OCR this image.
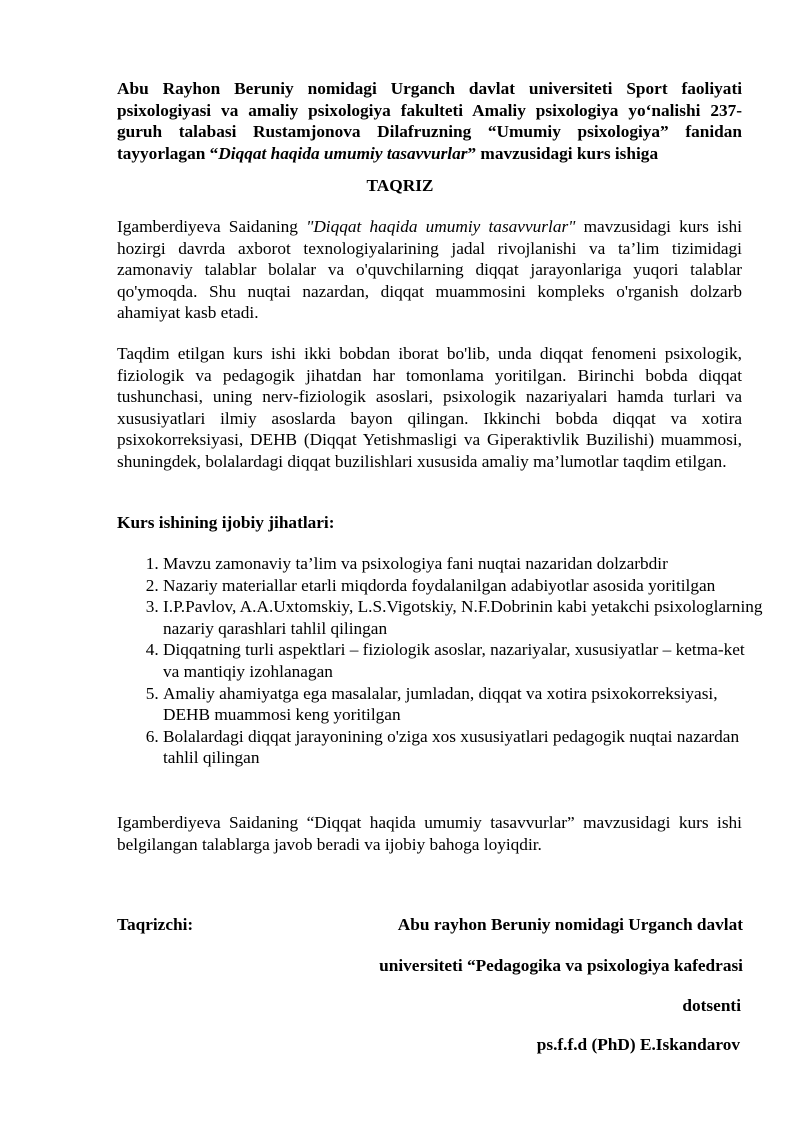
Abu Rayhon Beruniy nomidagi Urganch davlat universiteti Sport faoliyati psixologiyasi va amaliy psixologiya fakulteti Amaliy psixologiya yo‘nalishi 237-guruh talabasi Rustamjonova Dilafruzning “Umumiy psixologiya” fanidan tayyorlagan “Diqqat haqida umumiy tasavvurlar” mavzusidagi kurs ishiga
TAQRIZ
Igamberdiyeva Saidaning "Diqqat haqida umumiy tasavvurlar" mavzusidagi kurs ishi hozirgi davrda axborot texnologiyalarining jadal rivojlanishi va ta’lim tizimidagi zamonaviy talablar bolalar va o'quvchilarning diqqat jarayonlariga yuqori talablar qo'ymoqda. Shu nuqtai nazardan, diqqat muammosini kompleks o'rganish dolzarb ahamiyat kasb etadi.
Taqdim etilgan kurs ishi ikki bobdan iborat bo'lib, unda diqqat fenomeni psixologik, fiziologik va pedagogik jihatdan har tomonlama yoritilgan. Birinchi bobda diqqat tushunchasi, uning nerv-fiziologik asoslari, psixologik nazariyalari hamda turlari va xususiyatlari ilmiy asoslarda bayon qilingan. Ikkinchi bobda diqqat va xotira psixokorreksiyasi, DEHB (Diqqat Yetishmasligi va Giperaktivlik Buzilishi) muammosi, shuningdek, bolalardagi diqqat buzilishlari xususida amaliy ma’lumotlar taqdim etilgan.
Kurs ishining ijobiy jihatlari:
1. Mavzu zamonaviy ta’lim va psixologiya fani nuqtai nazaridan dolzarbdir
2. Nazariy materiallar etarli miqdorda foydalanilgan adabiyotlar asosida yoritilgan
3. I.P.Pavlov, A.A.Uxtomskiy, L.S.Vigotskiy, N.F.Dobrinin kabi yetakchi psixologlarning nazariy qarashlari tahlil qilingan
4. Diqqatning turli aspektlari – fiziologik asoslar, nazariyalar, xususiyatlar – ketma-ket va mantiqiy izohlanagan
5. Amaliy ahamiyatga ega masalalar, jumladan, diqqat va xotira psixokorreksiyasi, DEHB muammosi keng yoritilgan
6. Bolalardagi diqqat jarayonining o'ziga xos xususiyatlari pedagogik nuqtai nazardan tahlil qilingan
Igamberdiyeva Saidaning “Diqqat haqida umumiy tasavvurlar” mavzusidagi kurs ishi belgilangan talablarga javob beradi va ijobiy bahoga loyiqdir.
Taqrizchi:	Abu rayhon Beruniy nomidagi Urganch davlat
universiteti “Pedagogika va psixologiya kafedrasi
dotsenti
ps.f.f.d (PhD) E.Iskandarov
